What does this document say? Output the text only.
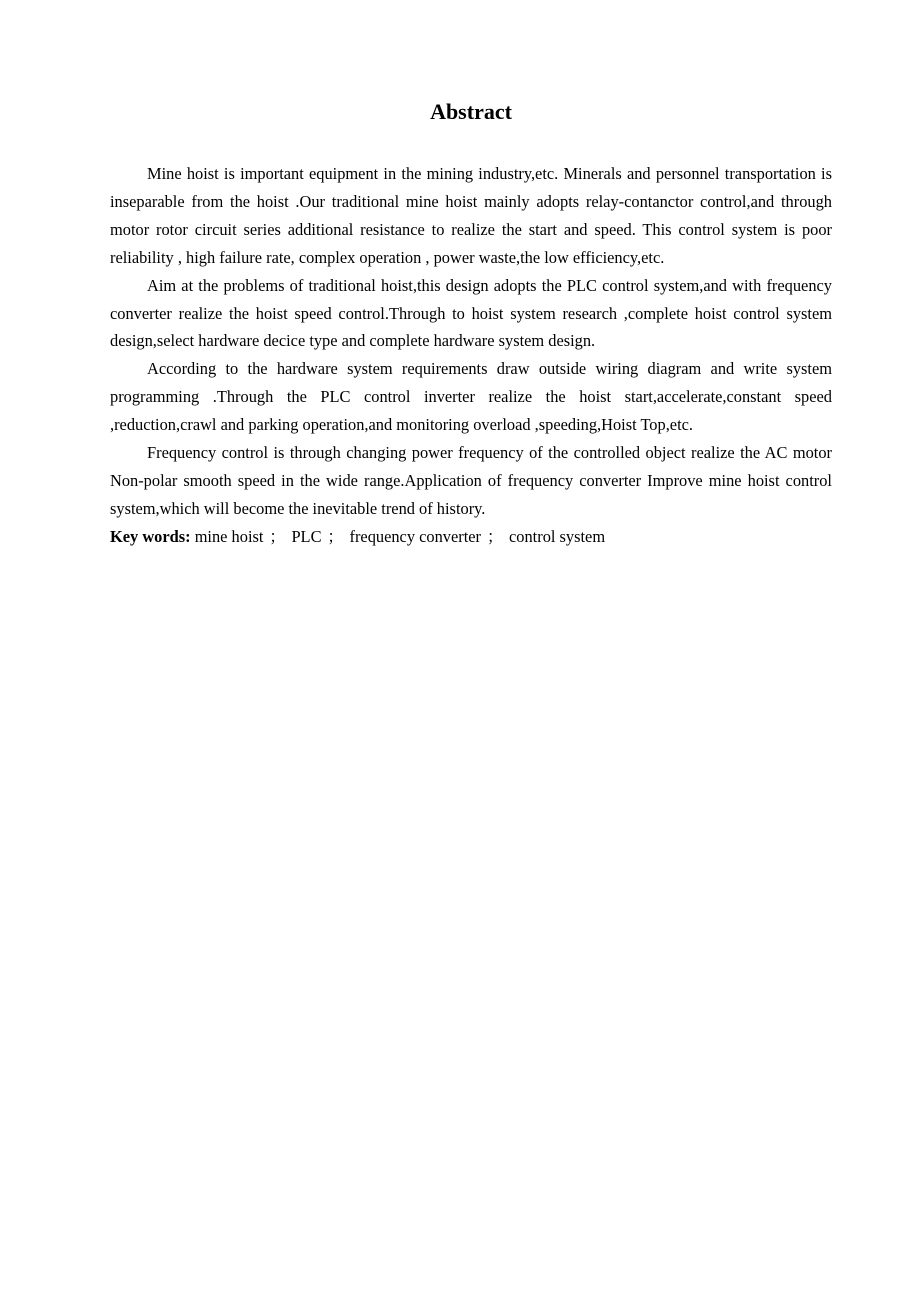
Abstract

Mine hoist is important equipment in the mining industry,etc. Minerals and personnel transportation is inseparable from the hoist .Our traditional mine hoist mainly adopts relay-contanctor control,and through motor rotor circuit series additional resistance to realize the start and speed. This control system is poor reliability , high failure rate, complex operation , power waste,the low efficiency,etc.

Aim at the problems of traditional hoist,this design adopts the PLC control system,and with frequency converter realize the hoist speed control.Through to hoist system research ,complete hoist control system design,select hardware decice type and complete hardware system design.

According to the hardware system requirements draw outside wiring diagram and write system programming .Through the PLC control inverter realize the hoist start,accelerate,constant speed ,reduction,crawl and parking operation,and monitoring overload ,speeding,Hoist Top,etc.

Frequency control is through changing power frequency of the controlled object realize the AC motor Non-polar smooth speed in the wide range.Application of frequency converter Improve mine hoist control system,which will become the inevitable trend of history.

Key words: mine hoist ； PLC ； frequency converter ； control system
